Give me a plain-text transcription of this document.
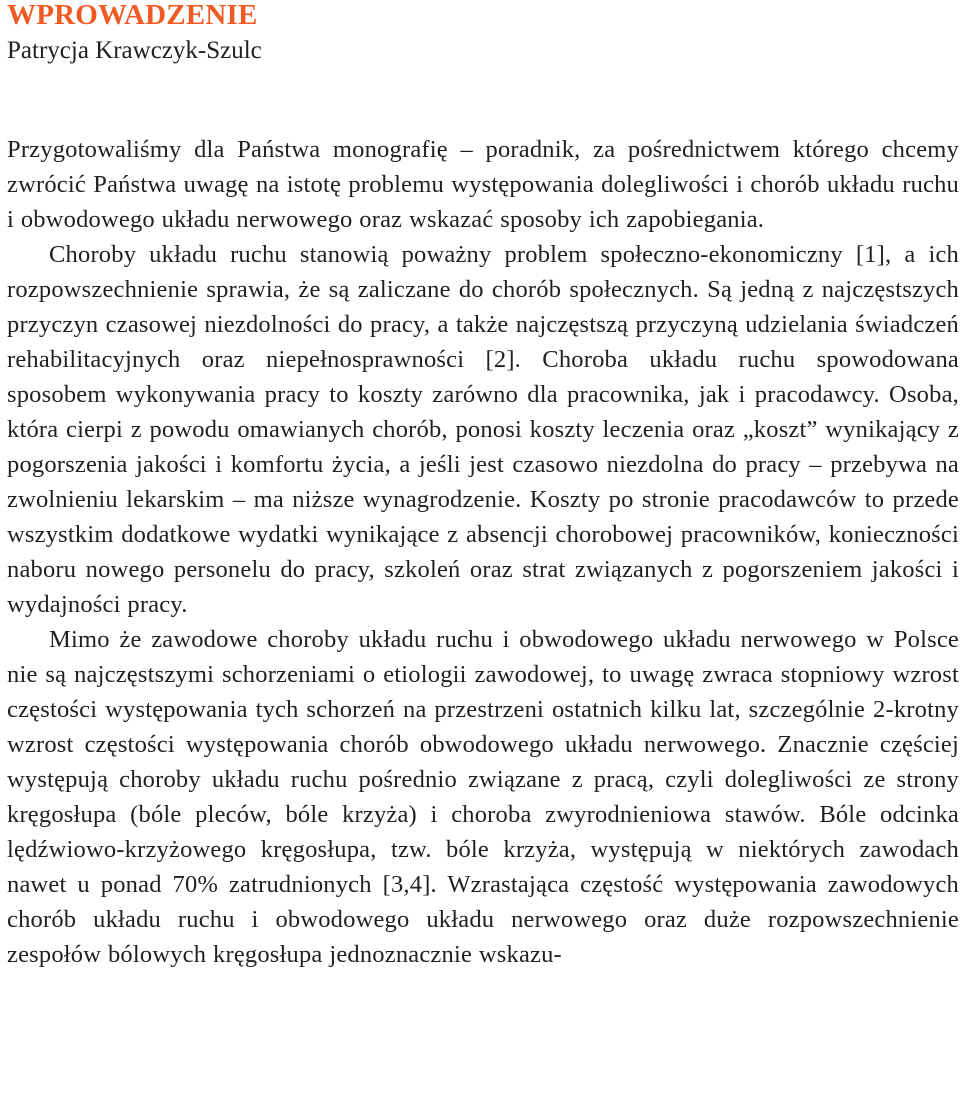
WPROWADZENIE
Patrycja Krawczyk-Szulc

Przygotowaliśmy dla Państwa monografię – poradnik, za pośrednictwem którego chcemy zwrócić Państwa uwagę na istotę problemu występowania dolegliwości i chorób układu ruchu i obwodowego układu nerwowego oraz wskazać sposoby ich zapobiegania.

Choroby układu ruchu stanowią poważny problem społeczno-ekonomiczny [1], a ich rozpowszechnienie sprawia, że są zaliczane do chorób społecznych. Są jedną z najczęstszych przyczyn czasowej niezdolności do pracy, a także najczęstszą przyczyną udzielania świadczeń rehabilitacyjnych oraz niepełnosprawności [2]. Choroba układu ruchu spowodowana sposobem wykonywania pracy to koszty zarówno dla pracownika, jak i pracodawcy. Osoba, która cierpi z powodu omawianych chorób, ponosi koszty leczenia oraz „koszt” wynikający z pogorszenia jakości i komfortu życia, a jeśli jest czasowo niezdolna do pracy – przebywa na zwolnieniu lekarskim – ma niższe wynagrodzenie. Koszty po stronie pracodawców to przede wszystkim dodatkowe wydatki wynikające z absencji chorobowej pracowników, konieczności naboru nowego personelu do pracy, szkoleń oraz strat związanych z pogorszeniem jakości i wydajności pracy.

Mimo że zawodowe choroby układu ruchu i obwodowego układu nerwowego w Polsce nie są najczęstszymi schorzeniami o etiologii zawodowej, to uwagę zwraca stopniowy wzrost częstości występowania tych schorzeń na przestrzeni ostatnich kilku lat, szczególnie 2-krotny wzrost częstości występowania chorób obwodowego układu nerwowego. Znacznie częściej występują choroby układu ruchu pośrednio związane z pracą, czyli dolegliwości ze strony kręgosłupa (bóle pleców, bóle krzyża) i choroba zwyrodnieniowa stawów. Bóle odcinka lędźwiowo-krzyżowego kręgosłupa, tzw. bóle krzyża, występują w niektórych zawodach nawet u ponad 70% zatrudnionych [3,4]. Wzrastająca częstość występowania zawodowych chorób układu ruchu i obwodowego układu nerwowego oraz duże rozpowszechnienie zespołów bólowych kręgosłupa jednoznacznie wskazu-
